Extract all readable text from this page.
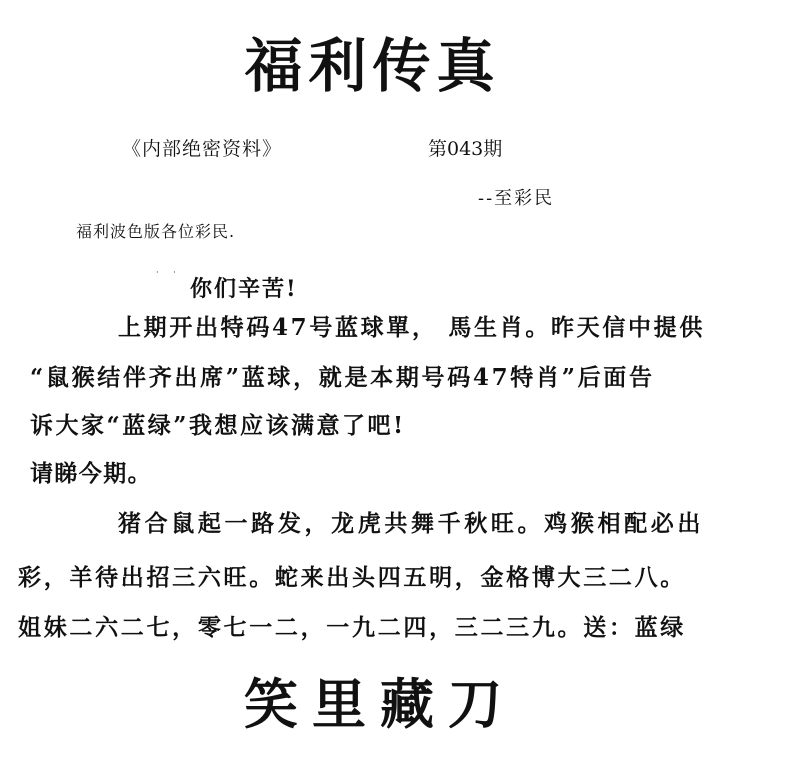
福利传真
《内部绝密资料》	第043期
--至彩民
福利波色版各位彩民.
· ·
你们辛苦!
上期开出特码47号蓝球單， 馬生肖。昨天信中提供
“鼠猴结伴齐出席”蓝球，就是本期号码47特肖”后面告
诉大家“蓝绿”我想应该满意了吧!
请睇今期。
猪合鼠起一路发，龙虎共舞千秋旺。鸡猴相配必出
彩，羊待出招三六旺。蛇来出头四五明，金格博大三二八。
姐妹二六二七，零七一二，一九二四，三二三九。送：蓝绿
笑里藏刀
